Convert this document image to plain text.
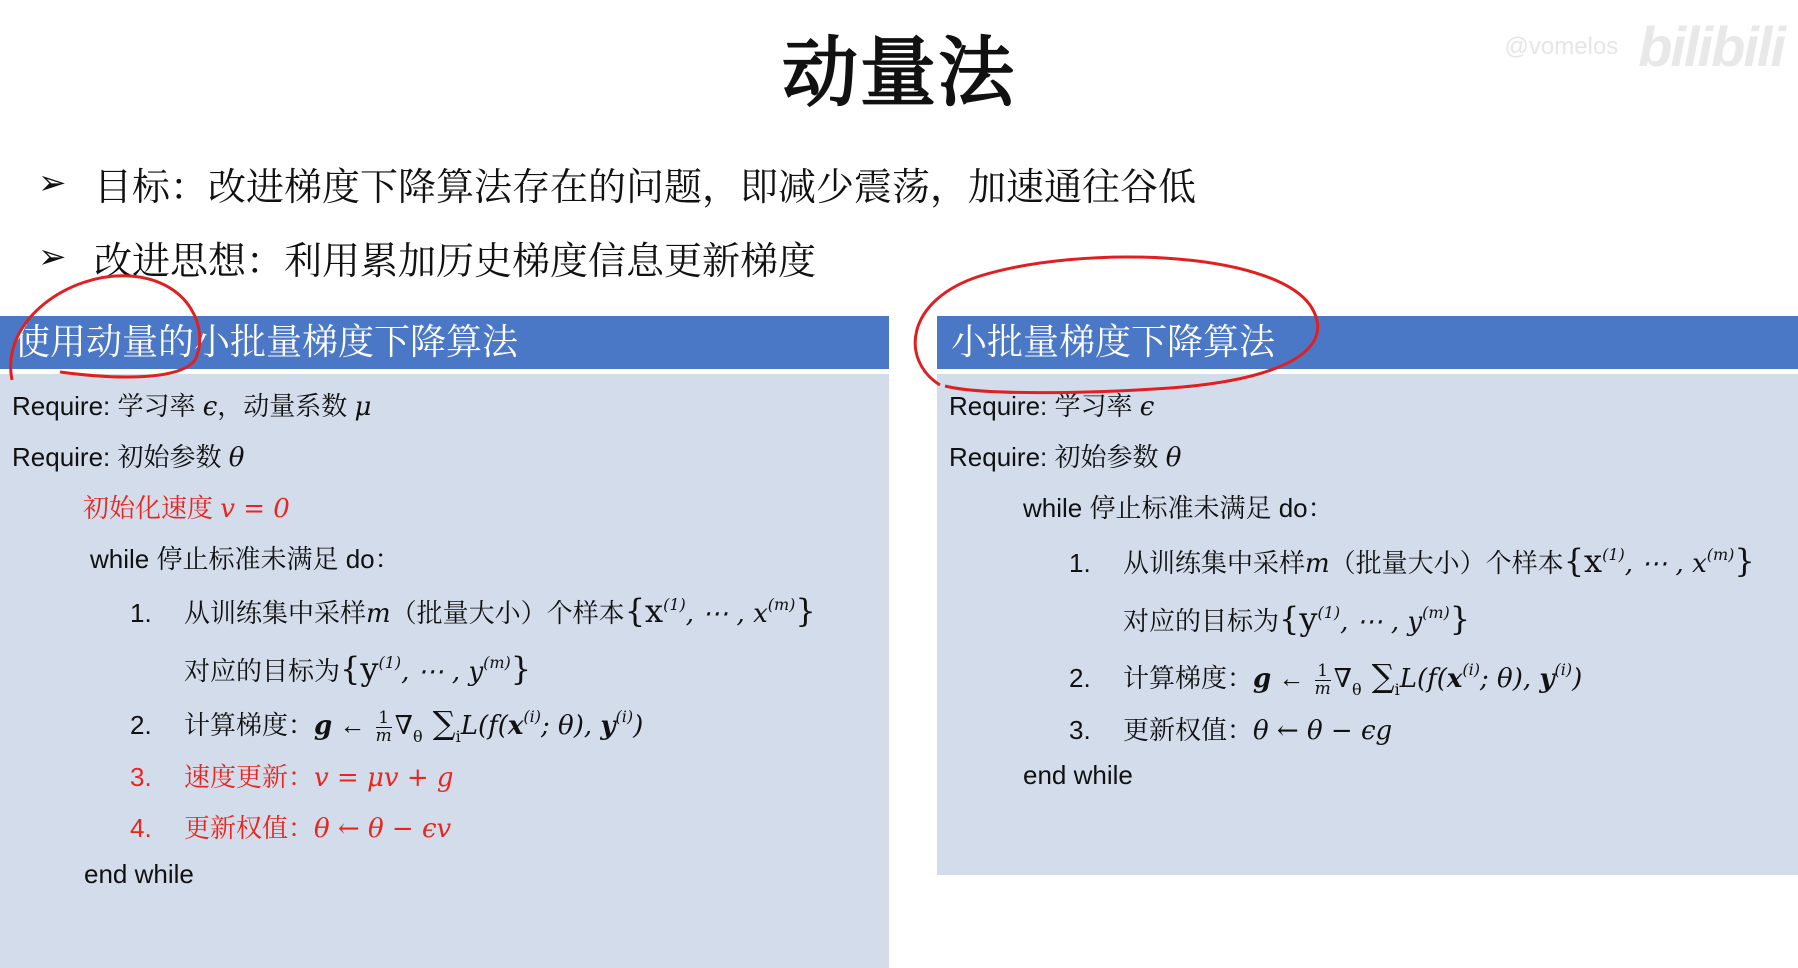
动量法	@vomelos bilibili
➢ 目标：改进梯度下降算法存在的问题，即减少震荡，加速通往谷低
➢ 改进思想：利用累加历史梯度信息更新梯度
使用动量的小批量梯度下降算法
Require: 学习率 ϵ，动量系数 μ
Require: 初始参数 θ
初始化速度 v = 0
while 停止标准未满足 do：
1. 从训练集中采样m（批量大小）个样本{$x^{(1)}$, ⋯ , $x^{(m)}$}
对应的目标为{$y^{(1)}$, ⋯ , $y^{(m)}$}
2. 计算梯度：g ← $\frac{1}{m} \nabla_\theta$ $\sum_iL(f(x^{(i)}$; θ), $y^{(i)}$)
3. 速度更新：v = μv + g
4. 更新权值：θ ← θ − ϵv
end while
小批量梯度下降算法
Require: 学习率 ϵ
Require: 初始参数 θ
while 停止标准未满足 do：
1. 从训练集中采样m（批量大小）个样本{$x^{(1)}$, ⋯ , $x^{(m)}$}
对应的目标为{$y^{(1)}$, ⋯ , $y^{(m)}$}
2. 计算梯度：g ← $\frac{1}{m} \nabla_\theta$ $\sum_iL(f(x^{(i)}$; θ), $y^{(i)}$)
3. 更新权值：θ ← θ − ϵg
end while
